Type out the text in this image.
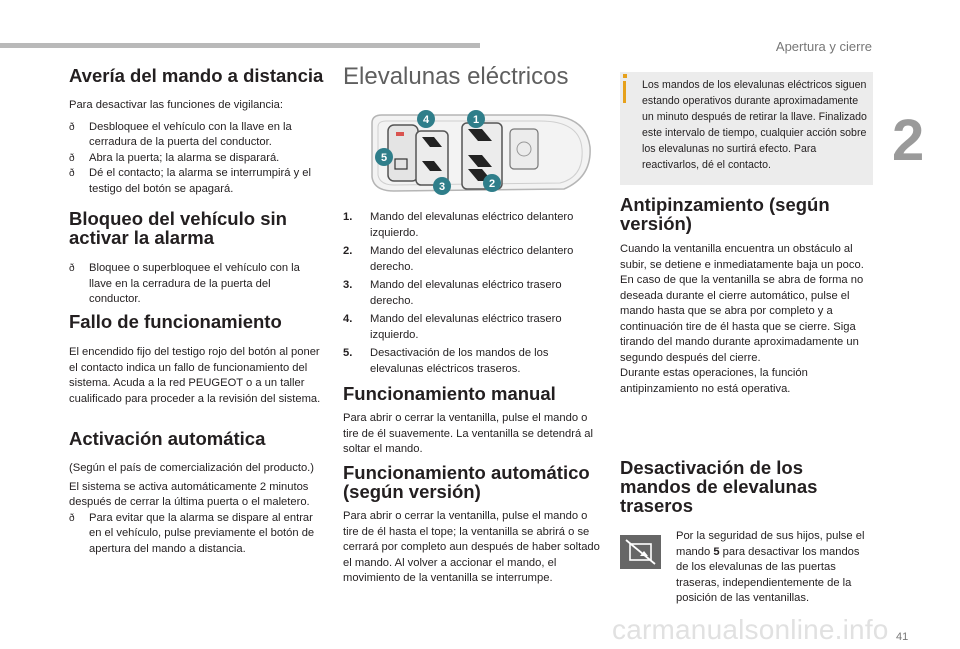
Apertura y cierre
2
41
carmanualsonline.info
Avería del mando a distancia

Para desactivar las funciones de vigilancia:

ð Desbloquee el vehículo con la llave en la cerradura de la puerta del conductor.
ð Abra la puerta; la alarma se disparará.
ð Dé el contacto; la alarma se interrumpirá y el testigo del botón se apagará.
Bloqueo del vehículo sin activar la alarma
ð Bloquee o superbloquee el vehículo con la llave en la cerradura de la puerta del conductor.
Fallo de funcionamiento

El encendido fijo del testigo rojo del botón al poner el contacto indica un fallo de funcionamiento del sistema. Acuda a la red PEUGEOT o a un taller cualificado para proceder a la revisión del sistema.

Activación automática

(Según el país de comercialización del producto.)

El sistema se activa automáticamente 2 minutos después de cerrar la última puerta o el maletero.

ð Para evitar que la alarma se dispare al entrar en el vehículo, pulse previamente el botón de apertura del mando a distancia.
Elevalunas eléctricos
4	1
5
3	2
1. Mando del elevalunas eléctrico delantero izquierdo.
2. Mando del elevalunas eléctrico delantero derecho.
3. Mando del elevalunas eléctrico trasero derecho.
4. Mando del elevalunas eléctrico trasero izquierdo.
5. Desactivación de los mandos de los elevalunas eléctricos traseros.
Funcionamiento manual

Para abrir o cerrar la ventanilla, pulse el mando o tire de él suavemente. La ventanilla se detendrá al soltar el mando.

Funcionamiento automático (según versión)

Para abrir o cerrar la ventanilla, pulse el mando o tire de él hasta el tope; la ventanilla se abrirá o se cerrará por completo aun después de haber soltado el mando. Al volver a accionar el mando, el movimiento de la ventanilla se interrumpe.

Los mandos de los elevalunas eléctricos siguen estando operativos durante aproximadamente un minuto después de retirar la llave. Finalizado este intervalo de tiempo, cualquier acción sobre los elevalunas no surtirá efecto. Para reactivarlos, dé el contacto.
Antipinzamiento (según versión)

Cuando la ventanilla encuentra un obstáculo al subir, se detiene e inmediatamente baja un poco. En caso de que la ventanilla se abra de forma no deseada durante el cierre automático, pulse el mando hasta que se abra por completo y a continuación tire de él hasta que se cierre. Siga tirando del mando durante aproximadamente un segundo después del cierre.

Durante estas operaciones, la función antipinzamiento no está operativa.

Desactivación de los mandos de elevalunas traseros
Por la seguridad de sus hijos, pulse el mando 5 para desactivar los mandos de los elevalunas de las puertas traseras, independientemente de la posición de las ventanillas.
